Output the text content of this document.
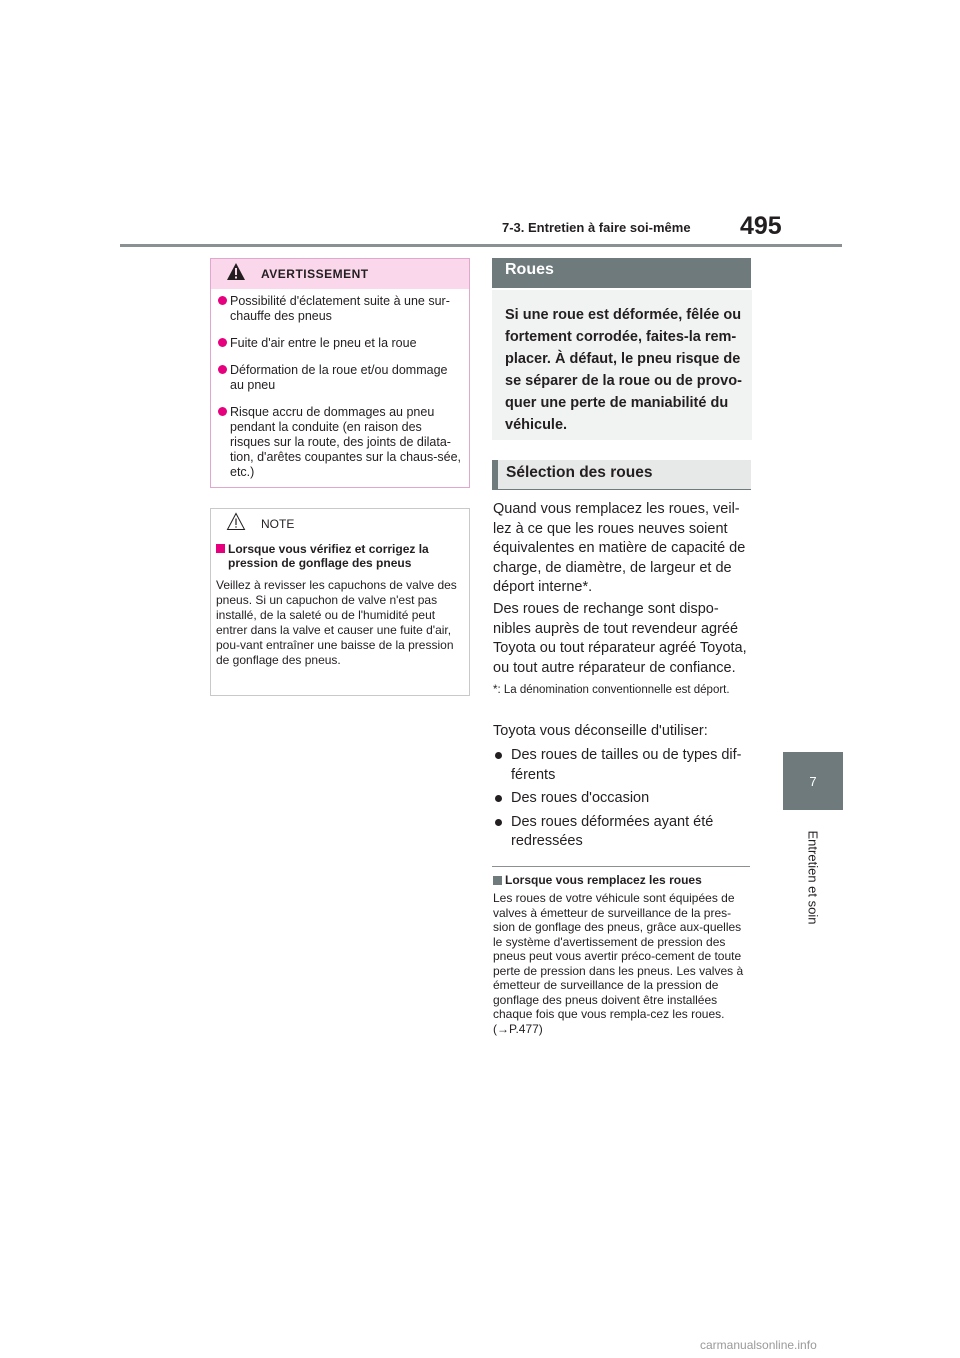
7-3. Entretien à faire soi-même 495
7
Entretien et soin
AVERTISSEMENT
Possibilité d'éclatement suite à une sur-chauffe des pneus
Fuite d'air entre le pneu et la roue
Déformation de la roue et/ou dommage au pneu
Risque accru de dommages au pneu pendant la conduite (en raison des risques sur la route, des joints de dilata-tion, d'arêtes coupantes sur la chaus-sée, etc.)
NOTE
Lorsque vous vérifiez et corrigez la pression de gonflage des pneus
Veillez à revisser les capuchons de valve des pneus. Si un capuchon de valve n'est pas installé, de la saleté ou de l'humidité peut entrer dans la valve et causer une fuite d'air, pou-vant entraîner une baisse de la pression de gonflage des pneus.
Roues

Si une roue est déformée, fêlée ou fortement corrodée, faites-la rem-placer. À défaut, le pneu risque de se séparer de la roue ou de provo-quer une perte de maniabilité du véhicule.

Sélection des roues
Quand vous remplacez les roues, veil-lez à ce que les roues neuves soient équivalentes en matière de capacité de charge, de diamètre, de largeur et de déport interne*.
Des roues de rechange sont dispo-nibles auprès de tout revendeur agréé Toyota ou tout réparateur agréé Toyota, ou tout autre réparateur de confiance.
*: La dénomination conventionnelle est déport.
Toyota vous déconseille d'utiliser:
Des roues de tailles ou de types dif-férents
Des roues d'occasion
Des roues déformées ayant été redressées
Lorsque vous remplacez les roues
Les roues de votre véhicule sont équipées de valves à émetteur de surveillance de la pres-sion de gonflage des pneus, grâce aux-quelles le système d'avertissement de pression des pneus peut vous avertir préco-cement de toute perte de pression dans les pneus. Les valves à émetteur de surveillance de la pression de gonflage des pneus doivent être installées chaque fois que vous rempla-cez les roues. (→P.477)
carmanualsonline.info
